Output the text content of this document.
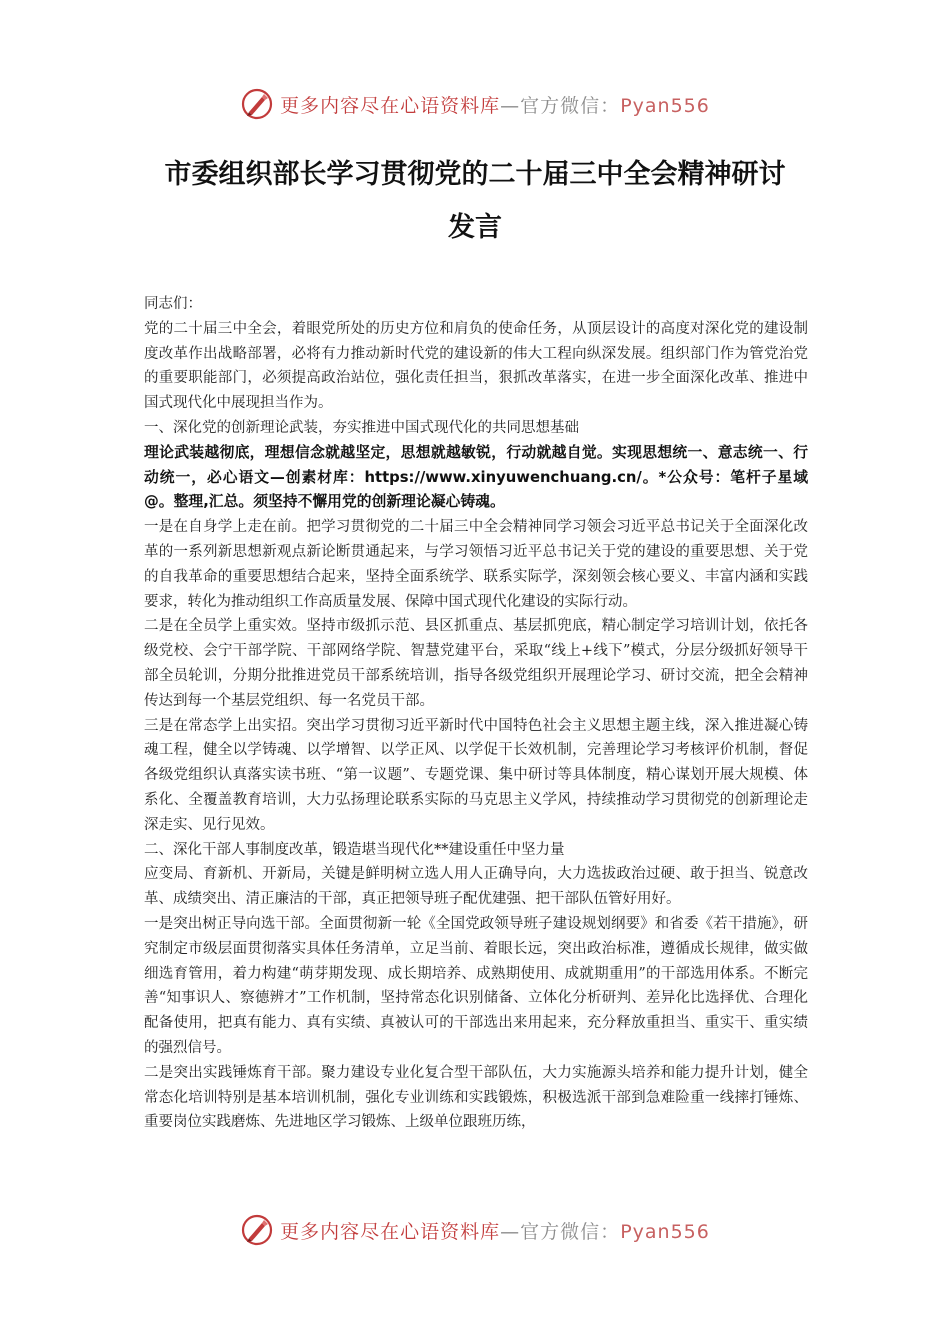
更多内容尽在心语资料库—官方微信：Pyan556
市委组织部长学习贯彻党的二十届三中全会精神研讨
发言

同志们：

党的二十届三中全会，着眼党所处的历史方位和肩负的使命任务，从顶层设计的高度对深化党的建设制度改革作出战略部署，必将有力推动新时代党的建设新的伟大工程向纵深发展。组织部门作为管党治党的重要职能部门，必须提高政治站位，强化责任担当，狠抓改革落实，在进一步全面深化改革、推进中国式现代化中展现担当作为。

一、深化党的创新理论武装，夯实推进中国式现代化的共同思想基础

理论武装越彻底，理想信念就越坚定，思想就越敏锐，行动就越自觉。实现思想统一、意志统一、行动统一，必心语文—创素材库：https://www.xinyuwenchuang.cn/。*公众号：笔杆子星域@。整理,汇总。须坚持不懈用党的创新理论凝心铸魂。

一是在自身学上走在前。把学习贯彻党的二十届三中全会精神同学习领会习近平总书记关于全面深化改革的一系列新思想新观点新论断贯通起来，与学习领悟习近平总书记关于党的建设的重要思想、关于党的自我革命的重要思想结合起来，坚持全面系统学、联系实际学，深刻领会核心要义、丰富内涵和实践要求，转化为推动组织工作高质量发展、保障中国式现代化建设的实际行动。

二是在全员学上重实效。坚持市级抓示范、县区抓重点、基层抓兜底，精心制定学习培训计划，依托各级党校、会宁干部学院、干部网络学院、智慧党建平台，采取“线上+线下”模式，分层分级抓好领导干部全员轮训，分期分批推进党员干部系统培训，指导各级党组织开展理论学习、研讨交流，把全会精神传达到每一个基层党组织、每一名党员干部。

三是在常态学上出实招。突出学习贯彻习近平新时代中国特色社会主义思想主题主线，深入推进凝心铸魂工程，健全以学铸魂、以学增智、以学正风、以学促干长效机制，完善理论学习考核评价机制，督促各级党组织认真落实读书班、“第一议题”、专题党课、集中研讨等具体制度，精心谋划开展大规模、体系化、全覆盖教育培训，大力弘扬理论联系实际的马克思主义学风，持续推动学习贯彻党的创新理论走深走实、见行见效。

二、深化干部人事制度改革，锻造堪当现代化**建设重任中坚力量

应变局、育新机、开新局，关键是鲜明树立选人用人正确导向，大力选拔政治过硬、敢于担当、锐意改革、成绩突出、清正廉洁的干部，真正把领导班子配优建强、把干部队伍管好用好。

一是突出树正导向选干部。全面贯彻新一轮《全国党政领导班子建设规划纲要》和省委《若干措施》，研究制定市级层面贯彻落实具体任务清单，立足当前、着眼长远，突出政治标准，遵循成长规律，做实做细选育管用，着力构建“萌芽期发现、成长期培养、成熟期使用、成就期重用”的干部选用体系。不断完善“知事识人、察德辨才”工作机制，坚持常态化识别储备、立体化分析研判、差异化比选择优、合理化配备使用，把真有能力、真有实绩、真被认可的干部选出来用起来，充分释放重担当、重实干、重实绩的强烈信号。

二是突出实践锤炼育干部。聚力建设专业化复合型干部队伍，大力实施源头培养和能力提升计划，健全常态化培训特别是基本培训机制，强化专业训练和实践锻炼，积极选派干部到急难险重一线摔打锤炼、重要岗位实践磨炼、先进地区学习锻炼、上级单位跟班历练，

更多内容尽在心语资料库—官方微信：Pyan556
